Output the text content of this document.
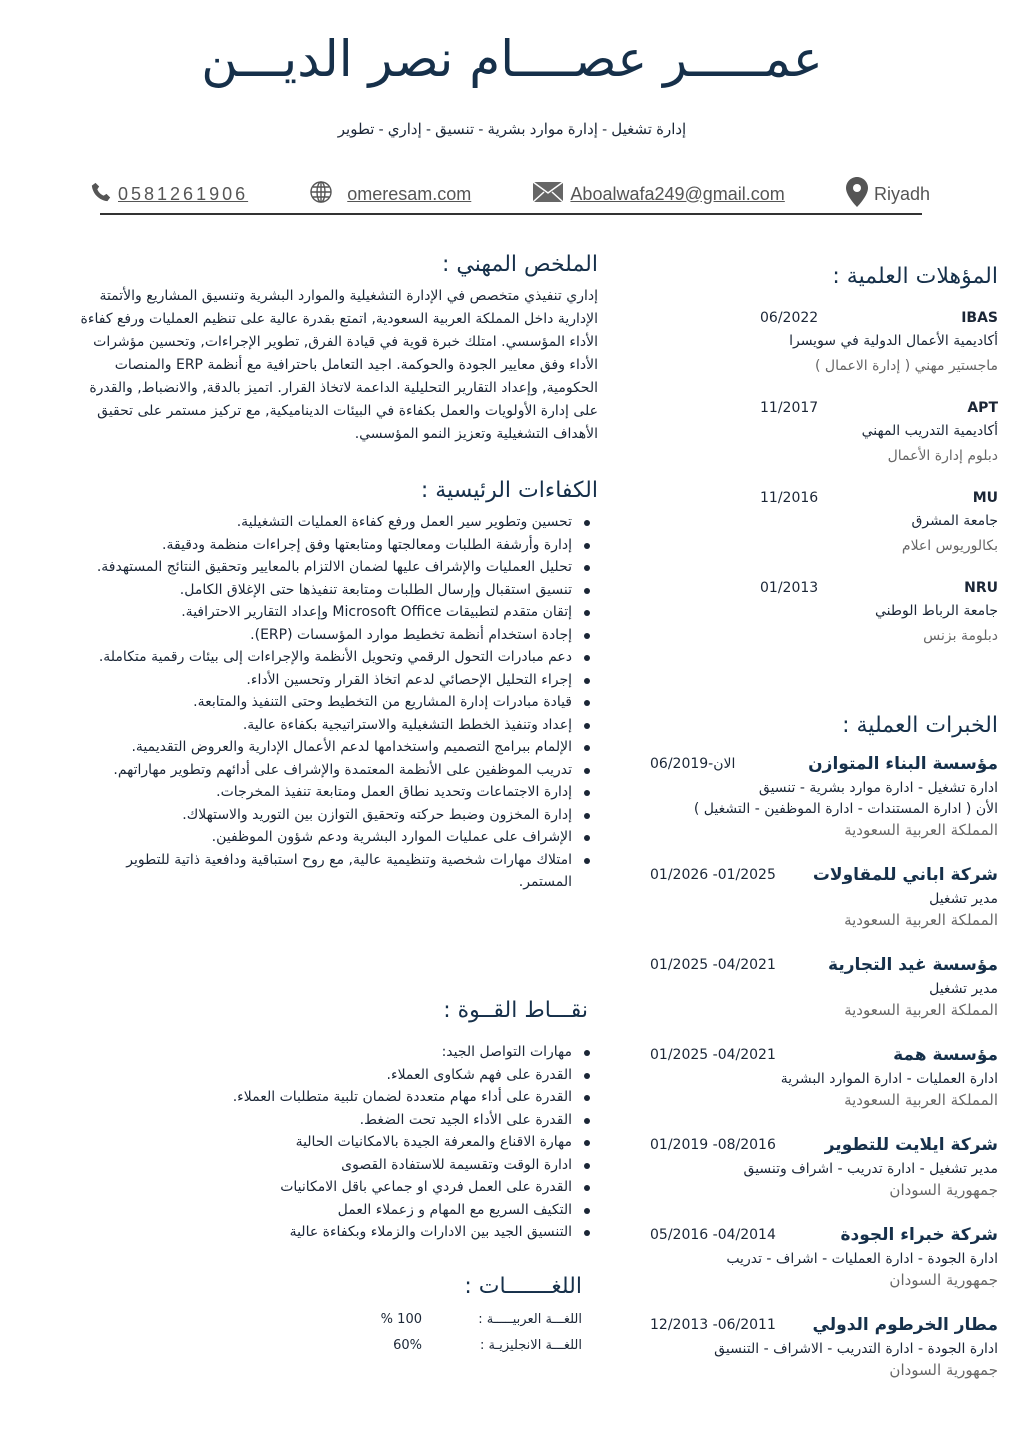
عمـــــر عصــــام نصر الديـــن
إدارة تشغيل - إدارة موارد بشرية - تنسيق - إداري - تطوير
0581261906	omeresam.com	Aboalwafa249@gmail.com	Riyadh
الملخص المهني :

إداري تنفيذي متخصص في الإدارة التشغيلية والموارد البشرية وتنسيق المشاريع والأتمتة الإدارية داخل المملكة العربية السعودية, اتمتع بقدرة عالية على تنظيم العمليات ورفع كفاءة الأداء المؤسسي. امتلك خبرة قوية في قيادة الفرق, تطوير الإجراءات, وتحسين مؤشرات الأداء وفق معايير الجودة والحوكمة. اجيد التعامل باحترافية مع أنظمة ERP والمنصات الحكومية, وإعداد التقارير التحليلية الداعمة لاتخاذ القرار. اتميز بالدقة, والانضباط, والقدرة على إدارة الأولويات والعمل بكفاءة في البيئات الديناميكية, مع تركيز مستمر على تحقيق الأهداف التشغيلية وتعزيز النمو المؤسسي.

الكفاءات الرئيسية :
تحسين وتطوير سير العمل ورفع كفاءة العمليات التشغيلية.
إدارة وأرشفة الطلبات ومعالجتها ومتابعتها وفق إجراءات منظمة ودقيقة.
تحليل العمليات والإشراف عليها لضمان الالتزام بالمعايير وتحقيق النتائج المستهدفة.
تنسيق استقبال وإرسال الطلبات ومتابعة تنفيذها حتى الإغلاق الكامل.
إتقان متقدم لتطبيقات Microsoft Office وإعداد التقارير الاحترافية.
إجادة استخدام أنظمة تخطيط موارد المؤسسات (ERP).
دعم مبادرات التحول الرقمي وتحويل الأنظمة والإجراءات إلى بيئات رقمية متكاملة.
إجراء التحليل الإحصائي لدعم اتخاذ القرار وتحسين الأداء.
قيادة مبادرات إدارة المشاريع من التخطيط وحتى التنفيذ والمتابعة.
إعداد وتنفيذ الخطط التشغيلية والاستراتيجية بكفاءة عالية.
الإلمام ببرامج التصميم واستخدامها لدعم الأعمال الإدارية والعروض التقديمية.
تدريب الموظفين على الأنظمة المعتمدة والإشراف على أدائهم وتطوير مهاراتهم.
إدارة الاجتماعات وتحديد نطاق العمل ومتابعة تنفيذ المخرجات.
إدارة المخزون وضبط حركته وتحقيق التوازن بين التوريد والاستهلاك.
الإشراف على عمليات الموارد البشرية ودعم شؤون الموظفين.
امتلاك مهارات شخصية وتنظيمية عالية, مع روح استباقية ودافعية ذاتية للتطوير المستمر.
نقـــاط القــوة :
مهارات التواصل الجيد:
القدرة على فهم شكاوى العملاء.
القدرة على أداء مهام متعددة لضمان تلبية متطلبات العملاء.
القدرة على الأداء الجيد تحت الضغط.
مهارة الاقناع والمعرفة الجيدة بالامكانيات الحالية
ادارة الوقت وتقسيمة للاستفادة القصوى
القدرة على العمل فردي او جماعي باقل الامكانيات
التكيف السريع مع المهام و زعملاء العمل
التنسيق الجيد بين الادارات والزملاء وبكفاءة عالية
اللغـــــــات :
اللغـــة العربيـــــة :
100 %
اللغـــة الانجليزيـة :
60%
المؤهلات العلمية :
IBAS
06/2022
أكاديمية الأعمال الدولية في سويسرا
ماجستير مهني ( إدارة الاعمال )
APT
11/2017
أكاديمية التدريب المهني
دبلوم إدارة الأعمال
MU
11/2016
جامعة المشرق
بكالوريوس اعلام
NRU
01/2013
جامعة الرباط الوطني
دبلومة بزنس
الخبرات العملية :
مؤسسة البناء المتوازن
الان-06/2019
ادارة تشغيل - ادارة موارد بشرية - تنسيق
الأن ( ادارة المستندات - ادارة الموظفين - التشغيل )
المملكة العربية السعودية
شركة اباني للمقاولات
01/2025- 01/2026
مدير تشغيل
المملكة العربية السعودية
مؤسسة غيد التجارية
04/2021- 01/2025
مدير تشغيل
المملكة العربية السعودية
مؤسسة همة
04/2021- 01/2025
ادارة العمليات - ادارة الموارد البشرية
المملكة العربية السعودية
شركة ايلايت للتطوير
08/2016- 01/2019
مدير تشغيل - ادارة تدريب - اشراف وتنسيق
جمهورية السودان
شركة خبراء الجودة
04/2014- 05/2016
ادارة الجودة - ادارة العمليات - اشراف - تدريب
جمهورية السودان
مطار الخرطوم الدولي
06/2011- 12/2013
ادارة الجودة - ادارة التدريب - الاشراف - التنسيق
جمهورية السودان
